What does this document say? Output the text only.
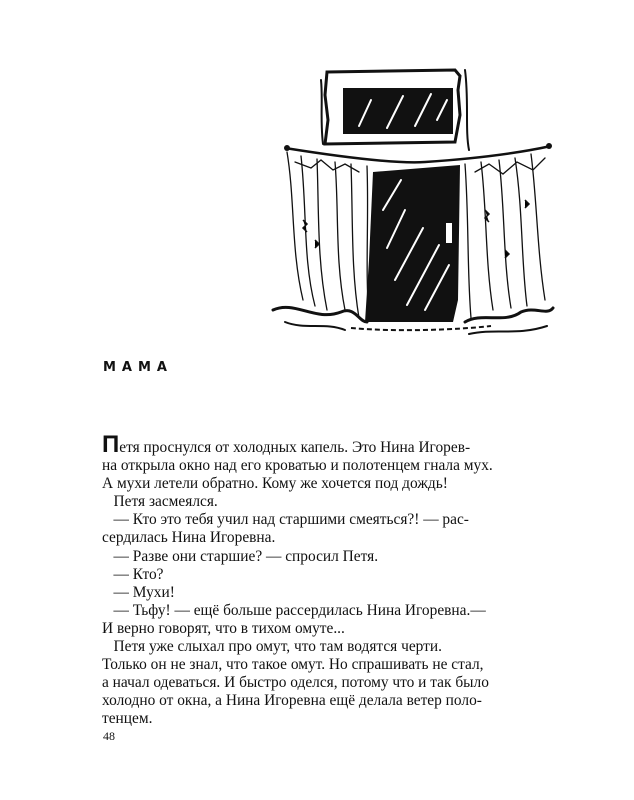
МАМА

Петя проснулся от холодных капель. Это Нина Игорев-

на открыла окно над его кроватью и полотенцем гнала мух.

А мухи летели обратно. Кому же хочется под дождь!

Петя засмеялся.

— Кто это тебя учил над старшими смеяться?! — рас-

сердилась Нина Игоревна.

— Разве они старшие? — спросил Петя.

— Кто?

— Мухи!

— Тьфу! — ещё больше рассердилась Нина Игоревна.—

И верно говорят, что в тихом омуте...

Петя уже слыхал про омут, что там водятся черти.

Только он не знал, что такое омут. Но спрашивать не стал,

а начал одеваться. И быстро оделся, потому что и так было

холодно от окна, а Нина Игоревна ещё делала ветер поло-

тенцем.

48
